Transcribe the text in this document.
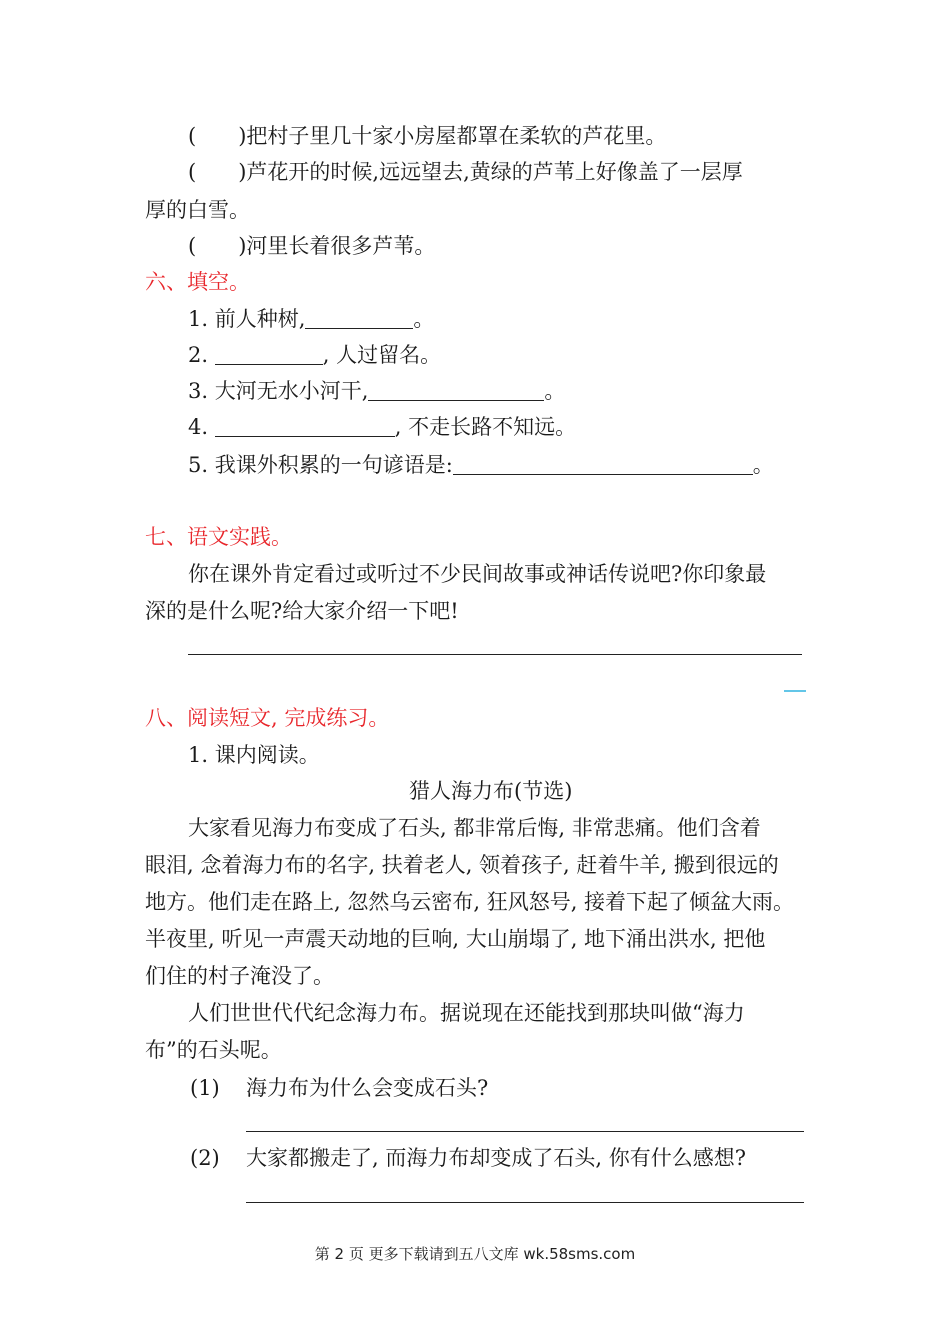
(　　)把村子里几十家小房屋都罩在柔软的芦花里。
(　　)芦花开的时候,远远望去,黄绿的芦苇上好像盖了一层厚
厚的白雪。
(　　)河里长着很多芦苇。
六、填空。
1. 前人种树,	。
2.	, 人过留名。
3. 大河无水小河干,	。
4.	, 不走长路不知远。
5. 我课外积累的一句谚语是:	。
七、语文实践。
你在课外肯定看过或听过不少民间故事或神话传说吧?你印象最
深的是什么呢?给大家介绍一下吧!
八、阅读短文, 完成练习。
1. 课内阅读。
猎人海力布(节选)
大家看见海力布变成了石头, 都非常后悔, 非常悲痛。他们含着
眼泪, 念着海力布的名字, 扶着老人, 领着孩子, 赶着牛羊, 搬到很远的
地方。他们走在路上, 忽然乌云密布, 狂风怒号, 接着下起了倾盆大雨。
半夜里, 听见一声震天动地的巨响, 大山崩塌了, 地下涌出洪水, 把他
们住的村子淹没了。
人们世世代代纪念海力布。据说现在还能找到那块叫做“海力
布”的石头呢。
(1) 海力布为什么会变成石头?
(2) 大家都搬走了, 而海力布却变成了石头, 你有什么感想?
第 2 页 更多下载请到五八文库 wk.58sms.com
